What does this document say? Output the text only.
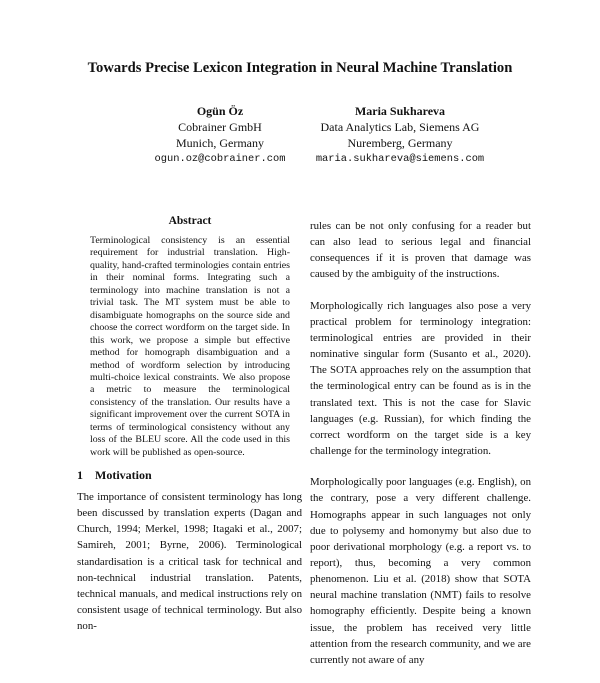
Towards Precise Lexicon Integration in Neural Machine Translation
Ogün Öz
Cobrainer GmbH
Munich, Germany
ogun.oz@cobrainer.com
Maria Sukhareva
Data Analytics Lab, Siemens AG
Nuremberg, Germany
maria.sukhareva@siemens.com
Abstract
Terminological consistency is an essential requirement for industrial translation. High-quality, hand-crafted terminologies contain entries in their nominal forms. Integrating such a terminology into machine translation is not a trivial task. The MT system must be able to disambiguate homographs on the source side and choose the correct wordform on the target side. In this work, we propose a simple but effective method for homograph disambiguation and a method of wordform selection by introducing multi-choice lexical constraints. We also propose a metric to measure the terminological consistency of the translation. Our results have a significant improvement over the current SOTA in terms of terminological consistency without any loss of the BLEU score. All the code used in this work will be published as open-source.
1 Motivation
The importance of consistent terminology has long been discussed by translation experts (Dagan and Church, 1994; Merkel, 1998; Itagaki et al., 2007; Samireh, 2001; Byrne, 2006). Terminological standardisation is a critical task for technical and non-technical industrial translation. Patents, technical manuals, and medical instructions rely on consistent usage of technical terminology. But also non-

rules can be not only confusing for a reader but can also lead to serious legal and financial consequences if it is proven that damage was caused by the ambiguity of the instructions.

Morphologically rich languages also pose a very practical problem for terminology integration: terminological entries are provided in their nominative singular form (Susanto et al., 2020). The SOTA approaches rely on the assumption that the terminological entry can be found as is in the translated text. This is not the case for Slavic languages (e.g. Russian), for which finding the correct wordform on the target side is a key challenge for the terminology integration.

Morphologically poor languages (e.g. English), on the contrary, pose a very different challenge. Homographs appear in such languages not only due to polysemy and homonymy but also due to poor derivational morphology (e.g. a report vs. to report), thus, becoming a very common phenomenon. Liu et al. (2018) show that SOTA neural machine translation (NMT) fails to resolve homography efficiently. Despite being a known issue, the problem has received very little attention from the research community, and we are currently not aware of any
